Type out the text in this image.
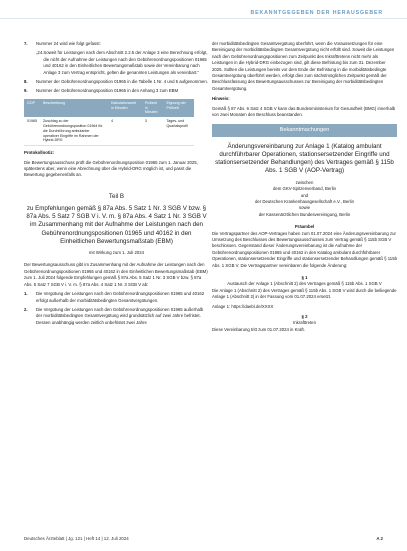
BEKANNTGEGEBEN DER HERAUSGEBER
7.	Nummer 24 wird wie folgt gefasst:
„24. Soweit für Leistungen nach dem Abschnitt 2.2.5 der Anlage 3 eine Berechnung erfolgt, die nicht der Aufnahme der Leistungen nach den Gebührenordnungspositionen 01965 und 40162 in den Einheitlichen Bewertungsmaßstab sowie der Vereinbarung nach Anlage 3 zum Vertrag entspricht, gelten die genannten Leistungen als vereinbart.“
8.	Nummer der Gebührenordnungsposition 01965 in die Tabelle 1 Nr. 4 und 5 aufgenommen.
9.	Nummer der Gebührenordnungsposition 01965 in den Anhang 3 zum EBM
GOP	Beschreibung	Kalkulationszeit in Minuten	Prüfzeit in Minuten	Eignung der Prüfzeit
01965	Zuschlag zu der Gebührenordnungsposition 01964 für die Durchführung ambulanter operativer Eingriffe im Rahmen der Hybrid-DRG	4	3	Tages- und Quartalsprofil

Protokollnotiz:

Die Bewertungsausschuss prüft die Gebührenordnungsposition 01965 zum 1. Januar 2025, spätestens aber, wenn eine Abrechnung über die Hybrid-DRG möglich ist, und passt die Bewertung gegebenenfalls an.

Teil B
zu Empfehlungen gemäß § 87a Abs. 5 Satz 1 Nr. 3 SGB V bzw. § 87a Abs. 5 Satz 7 SGB V i. V. m. § 87a Abs. 4 Satz 1 Nr. 3 SGB V im Zusammenhang mit der Aufnahme der Leistungen nach den Gebührenordnungspositionen 01965 und 40162 in den Einheitlichen Bewertungsmaßstab (EBM)
mit Wirkung zum 1. Juli 2024

Der Bewertungsausschuss gibt im Zusammenhang mit der Aufnahme der Leistungen nach den Gebührenordnungspositionen 01965 und 40162 in den Einheitlichen Bewertungsmaßstab (EBM) zum 1. Juli 2024 folgende Empfehlungen gemäß § 87a Abs. 5 Satz 1 Nr. 3 SGB V bzw. § 87a Abs. 5 Satz 7 SGB V i. V. m. § 87a Abs. 4 Satz 1 Nr. 3 SGB V ab:

1.	Die Vergütung der Leistungen nach den Gebührenordnungspositionen 01965 und 40162 erfolgt außerhalb der morbiditätsbedingten Gesamtvergütungen.
2.	Die Vergütung der Leistungen nach den Gebührenordnungspositionen 01965 außerhalb der morbiditätsbedingten Gesamtvergütung wird grundsätzlich auf zwei Jahre befristet. Dessen unabhängig werden zeitlich unbefristet zwei Jahre

der morbiditätsbedingten Gesamtvergütung überführt, wenn die Voraussetzungen für eine Bereinigung der morbiditätsbedingten Gesamtvergütung nicht erfüllt sind. Soweit die Leistungen nach den Gebührenordnungspositionen zum Zeitpunkt des Inkrafttretens nicht mehr als Leistungen in die Hybrid-DRG einbezogen sind, gilt diese Befristung bis zum 31. Dezember 2025. Sollten die Leistungen bereits vor dem Ende der Befristung in die morbiditätsbedingte Gesamtvergütung überführt werden, erfolgt dies zum nächstmöglichen Zeitpunkt gemäß der Beschlussfassung des Bewertungsausschusses zur Bereinigung der morbiditätsbedingten Gesamtvergütung.

Hinweis:

Gemäß § 87 Abs. 6 Satz 4 SGB V kann das Bundesministerium für Gesundheit (BMG) innerhalb von zwei Monaten den Beschluss beanstanden.

Bekanntmachungen
Änderungsvereinbarung zur Anlage 1 (Katalog ambulant durchführbarer Operationen, stationsersetzender Eingriffe und stationsersetzender Behandlungen) des Vertrages gemäß § 115b Abs. 1 SGB V (AOP-Vertrag)
zwischen
dem GKV-Spitzenverband, Berlin
und
der Deutschen Krankenhausgesellschaft e.V., Berlin
sowie
der Kassenärztlichen Bundesvereinigung, Berlin
Präambel

Die Vertragspartner des AOP-Vertrages haben zum 01.07.2024 eine Änderungsvereinbarung zur Umsetzung des Beschlusses des Bewertungsausschusses zum Vertrag gemäß § 115b SGB V beschlossen. Gegenstand dieser Änderungsvereinbarung ist die Aufnahme der Gebührenordnungspositionen 01965 und 40162 in den Katalog ambulant durchführbarer Operationen, stationsersetzender Eingriffe und stationsersetzender Behandlungen gemäß § 115b Abs. 1 SGB V. Die Vertragspartner vereinbaren die folgende Änderung:

§ 1
Austausch der Anlage 1 (Abschnitt 2) des Vertrages gemäß § 115b Abs. 1 SGB V

Die Anlage 1 (Abschnitt 2) des Vertrages gemäß § 115b Abs. 1 SGB V wird durch die beiliegende Anlage 1 (Abschnitt 2) in der Fassung vom 01.07.2024 ersetzt.

Anlage 1: https://daebl.de/XXXX

§ 2
Inkrafttreten

Diese Vereinbarung tritt zum 01.07.2024 in Kraft.

Deutsches Ärzteblatt | Jg. 121 | Heft 14 | 12. Juli 2024	A 2
